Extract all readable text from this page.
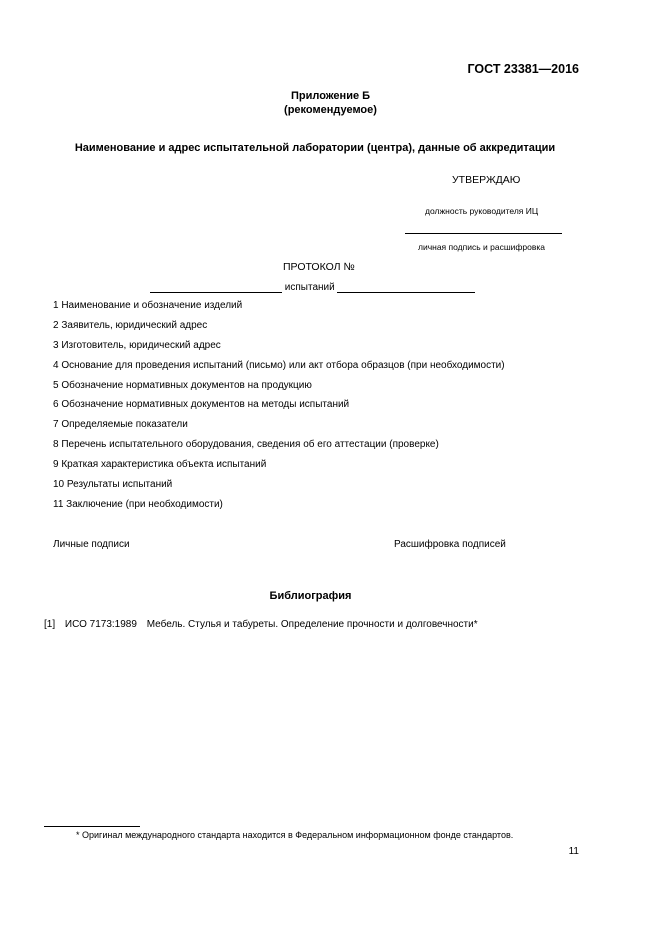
ГОСТ 23381—2016
Приложение Б
(рекомендуемое)
Наименование и адрес испытательной лаборатории (центра), данные об аккредитации
УТВЕРЖДАЮ
должность руководителя ИЦ
личная подпись и расшифровка
ПРОТОКОЛ №
испытаний
1 Наименование и обозначение изделий
2 Заявитель, юридический адрес
3 Изготовитель, юридический адрес
4 Основание для проведения испытаний (письмо) или акт отбора образцов (при необходимости)
5 Обозначение нормативных документов на продукцию
6 Обозначение нормативных документов на методы испытаний
7 Определяемые показатели
8 Перечень испытательного оборудования, сведения об его аттестации (проверке)
9 Краткая характеристика объекта испытаний
10 Результаты испытаний
11 Заключение (при необходимости)
Личные подписи	Расшифровка подписей
Библиография
[1] ИСО 7173:1989 Мебель. Стулья и табуреты. Определение прочности и долговечности*
* Оригинал международного стандарта находится в Федеральном информационном фонде стандартов.
11
